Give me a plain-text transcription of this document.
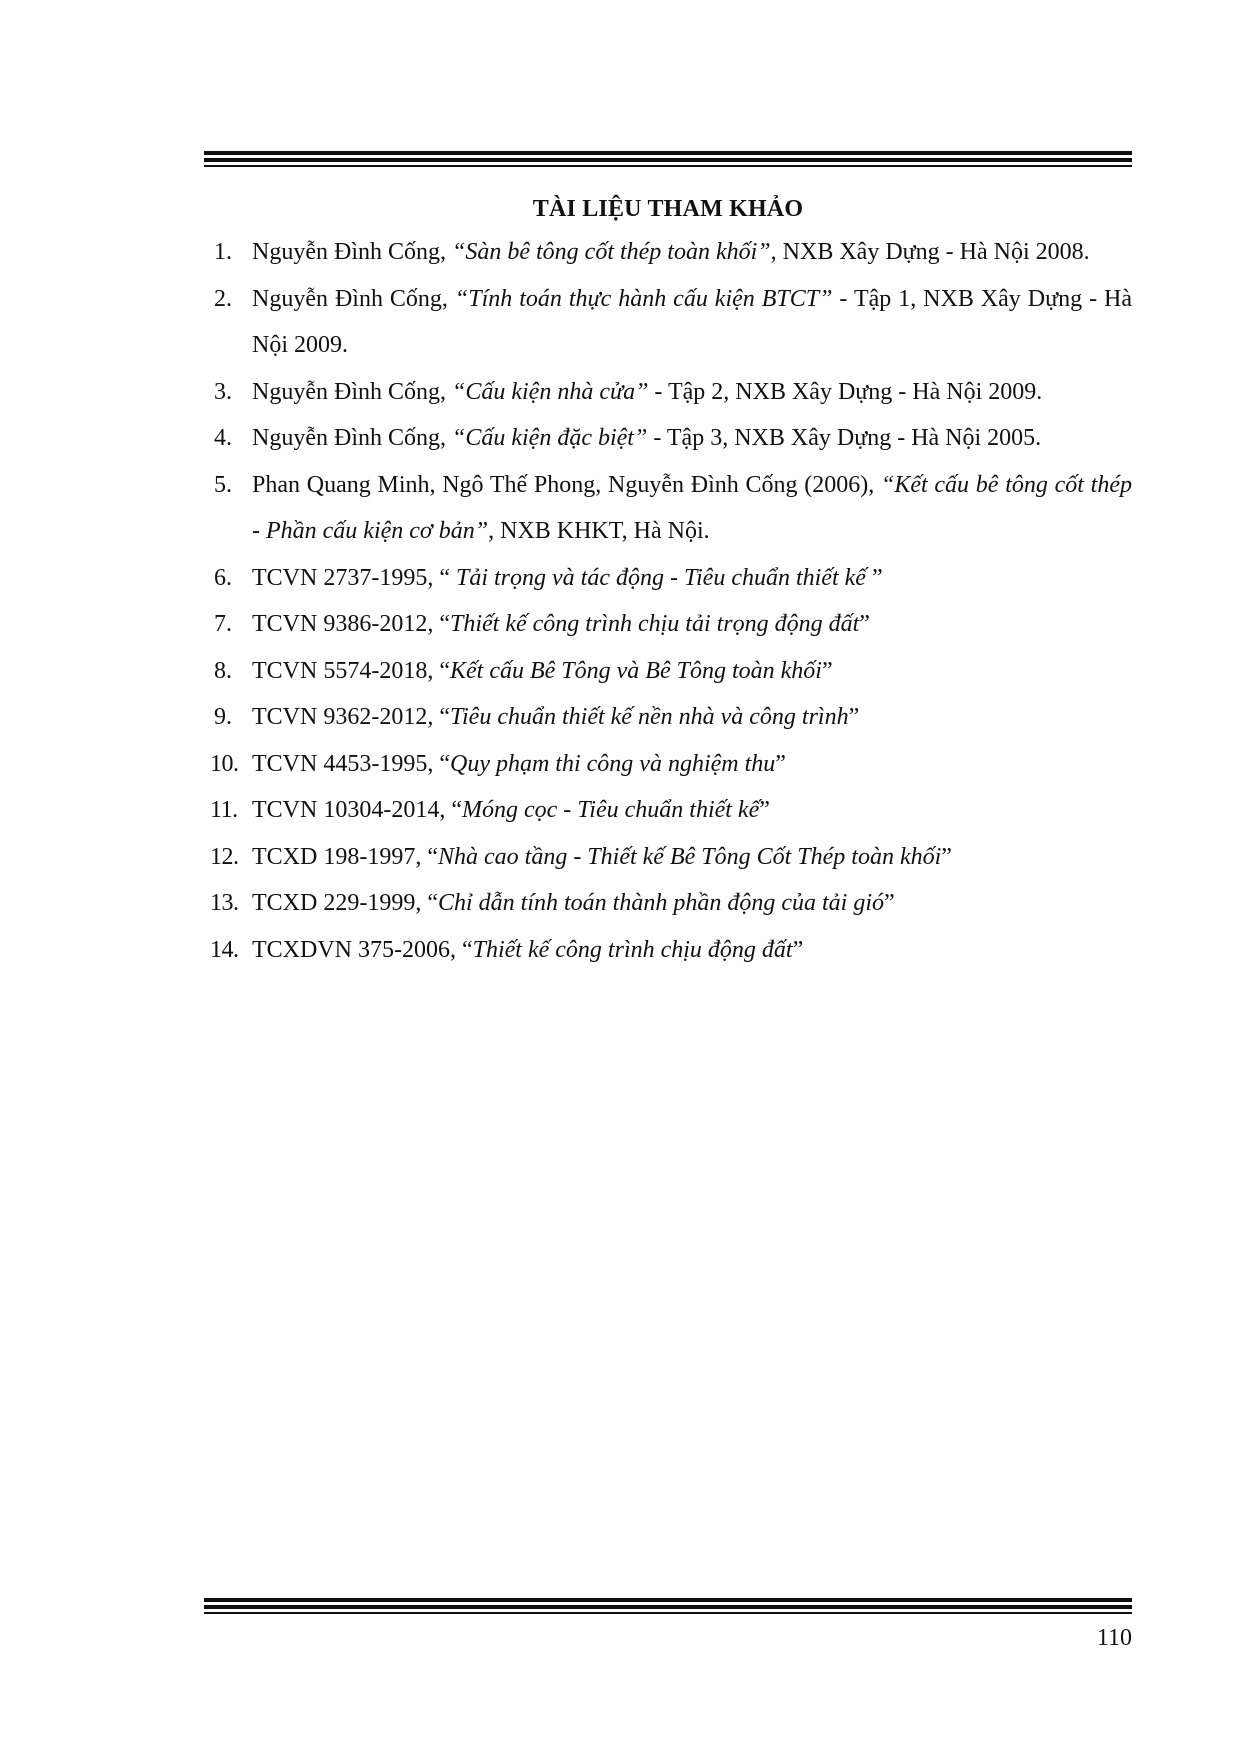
TÀI LIỆU THAM KHẢO
1. Nguyễn Đình Cống, “Sàn bê tông cốt thép toàn khối”, NXB Xây Dựng - Hà Nội 2008.
2. Nguyễn Đình Cống, “Tính toán thực hành cấu kiện BTCT” - Tập 1, NXB Xây Dựng - Hà Nội 2009.
3. Nguyễn Đình Cống, “Cấu kiện nhà cửa” - Tập 2, NXB Xây Dựng - Hà Nội 2009.
4. Nguyễn Đình Cống, “Cấu kiện đặc biệt” - Tập 3, NXB Xây Dựng - Hà Nội 2005.
5. Phan Quang Minh, Ngô Thế Phong, Nguyễn Đình Cống (2006), “Kết cấu bê tông cốt thép - Phần cấu kiện cơ bản”, NXB KHKT, Hà Nội.
6. TCVN 2737-1995, “ Tải trọng và tác động - Tiêu chuẩn thiết kế ”
7. TCVN 9386-2012, “Thiết kế công trình chịu tải trọng động đất”
8. TCVN 5574-2018, “Kết cấu Bê Tông và Bê Tông toàn khối”
9. TCVN 9362-2012, “Tiêu chuẩn thiết kế nền nhà và công trình”
10. TCVN 4453-1995, “Quy phạm thi công và nghiệm thu”
11. TCVN 10304-2014, “Móng cọc - Tiêu chuẩn thiết kế”
12. TCXD 198-1997, “Nhà cao tầng - Thiết kế Bê Tông Cốt Thép toàn khối”
13. TCXD 229-1999, “Chỉ dẫn tính toán thành phần động của tải gió”
14. TCXDVN 375-2006, “Thiết kế công trình chịu động đất”
110
